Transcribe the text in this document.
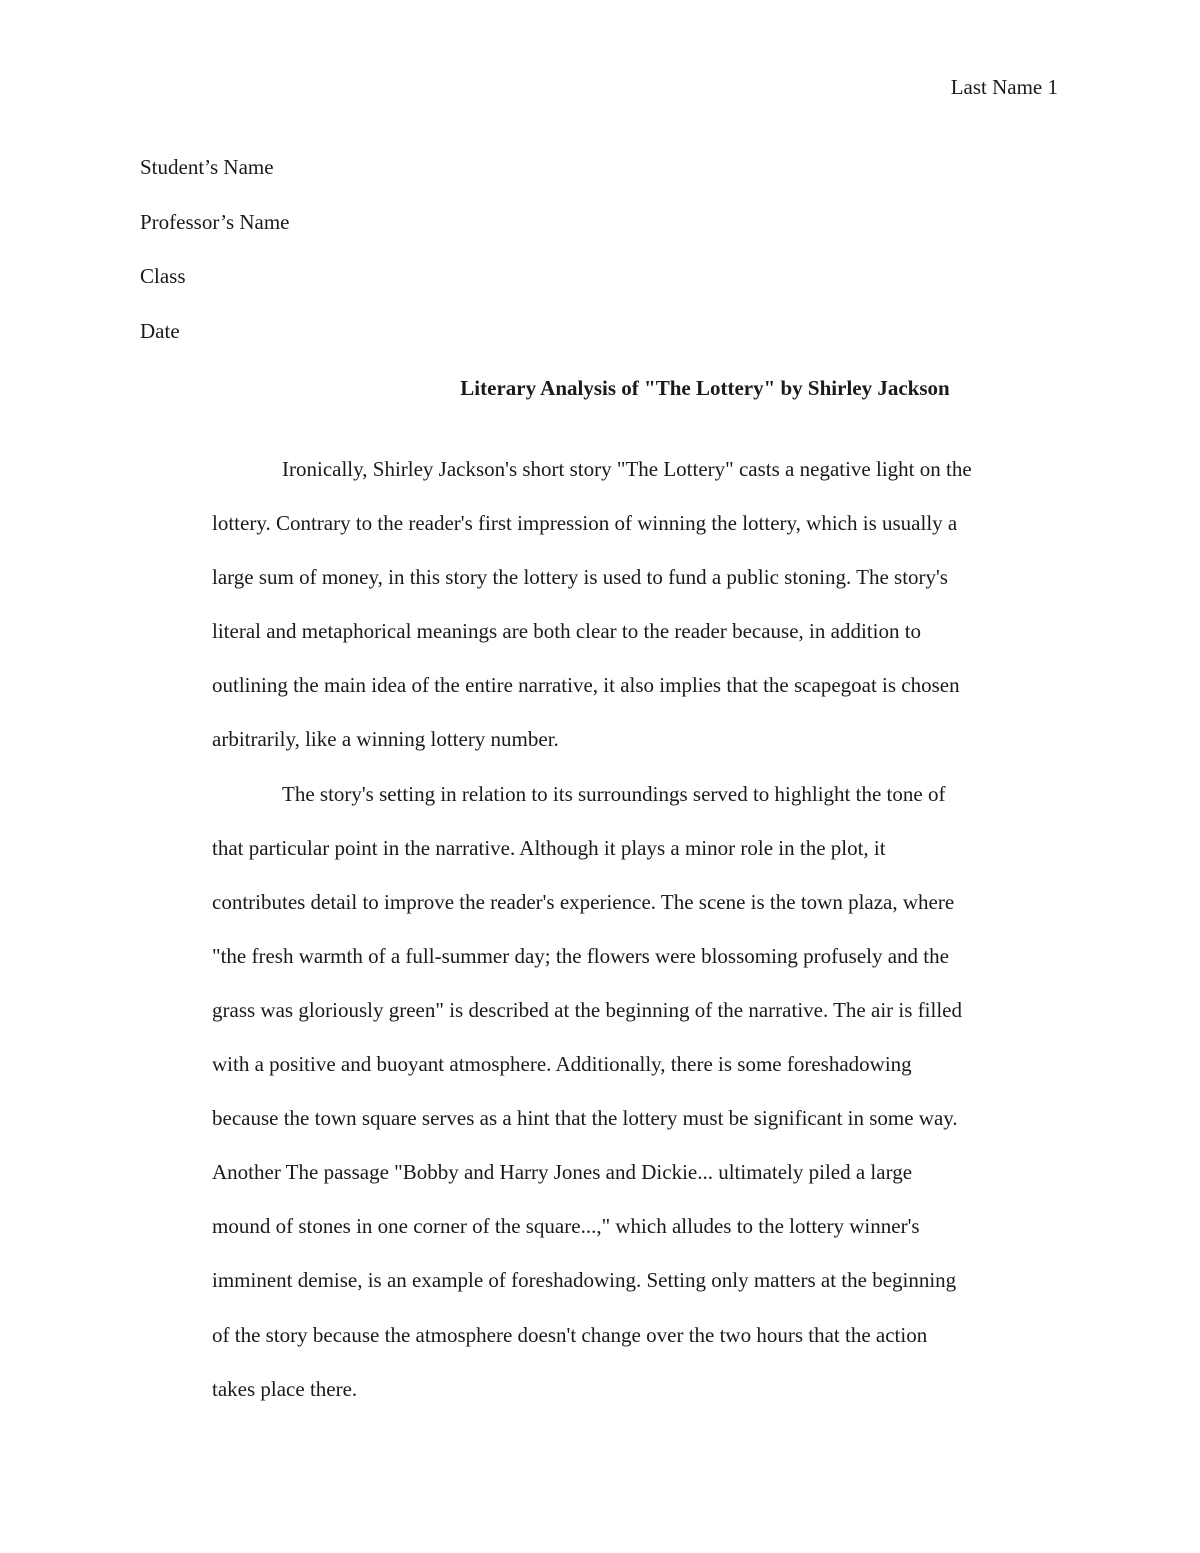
Last Name 1
Student’s Name
Professor’s Name
Class
Date
Literary Analysis of "The Lottery" by Shirley Jackson
Ironically, Shirley Jackson's short story "The Lottery" casts a negative light on the
lottery. Contrary to the reader's first impression of winning the lottery, which is usually a
large sum of money, in this story the lottery is used to fund a public stoning. The story's
literal and metaphorical meanings are both clear to the reader because, in addition to
outlining the main idea of the entire narrative, it also implies that the scapegoat is chosen
arbitrarily, like a winning lottery number.
The story's setting in relation to its surroundings served to highlight the tone of
that particular point in the narrative. Although it plays a minor role in the plot, it
contributes detail to improve the reader's experience. The scene is the town plaza, where
"the fresh warmth of a full-summer day; the flowers were blossoming profusely and the
grass was gloriously green" is described at the beginning of the narrative. The air is filled
with a positive and buoyant atmosphere. Additionally, there is some foreshadowing
because the town square serves as a hint that the lottery must be significant in some way.
Another The passage "Bobby and Harry Jones and Dickie... ultimately piled a large
mound of stones in one corner of the square...," which alludes to the lottery winner's
imminent demise, is an example of foreshadowing. Setting only matters at the beginning
of the story because the atmosphere doesn't change over the two hours that the action
takes place there.
